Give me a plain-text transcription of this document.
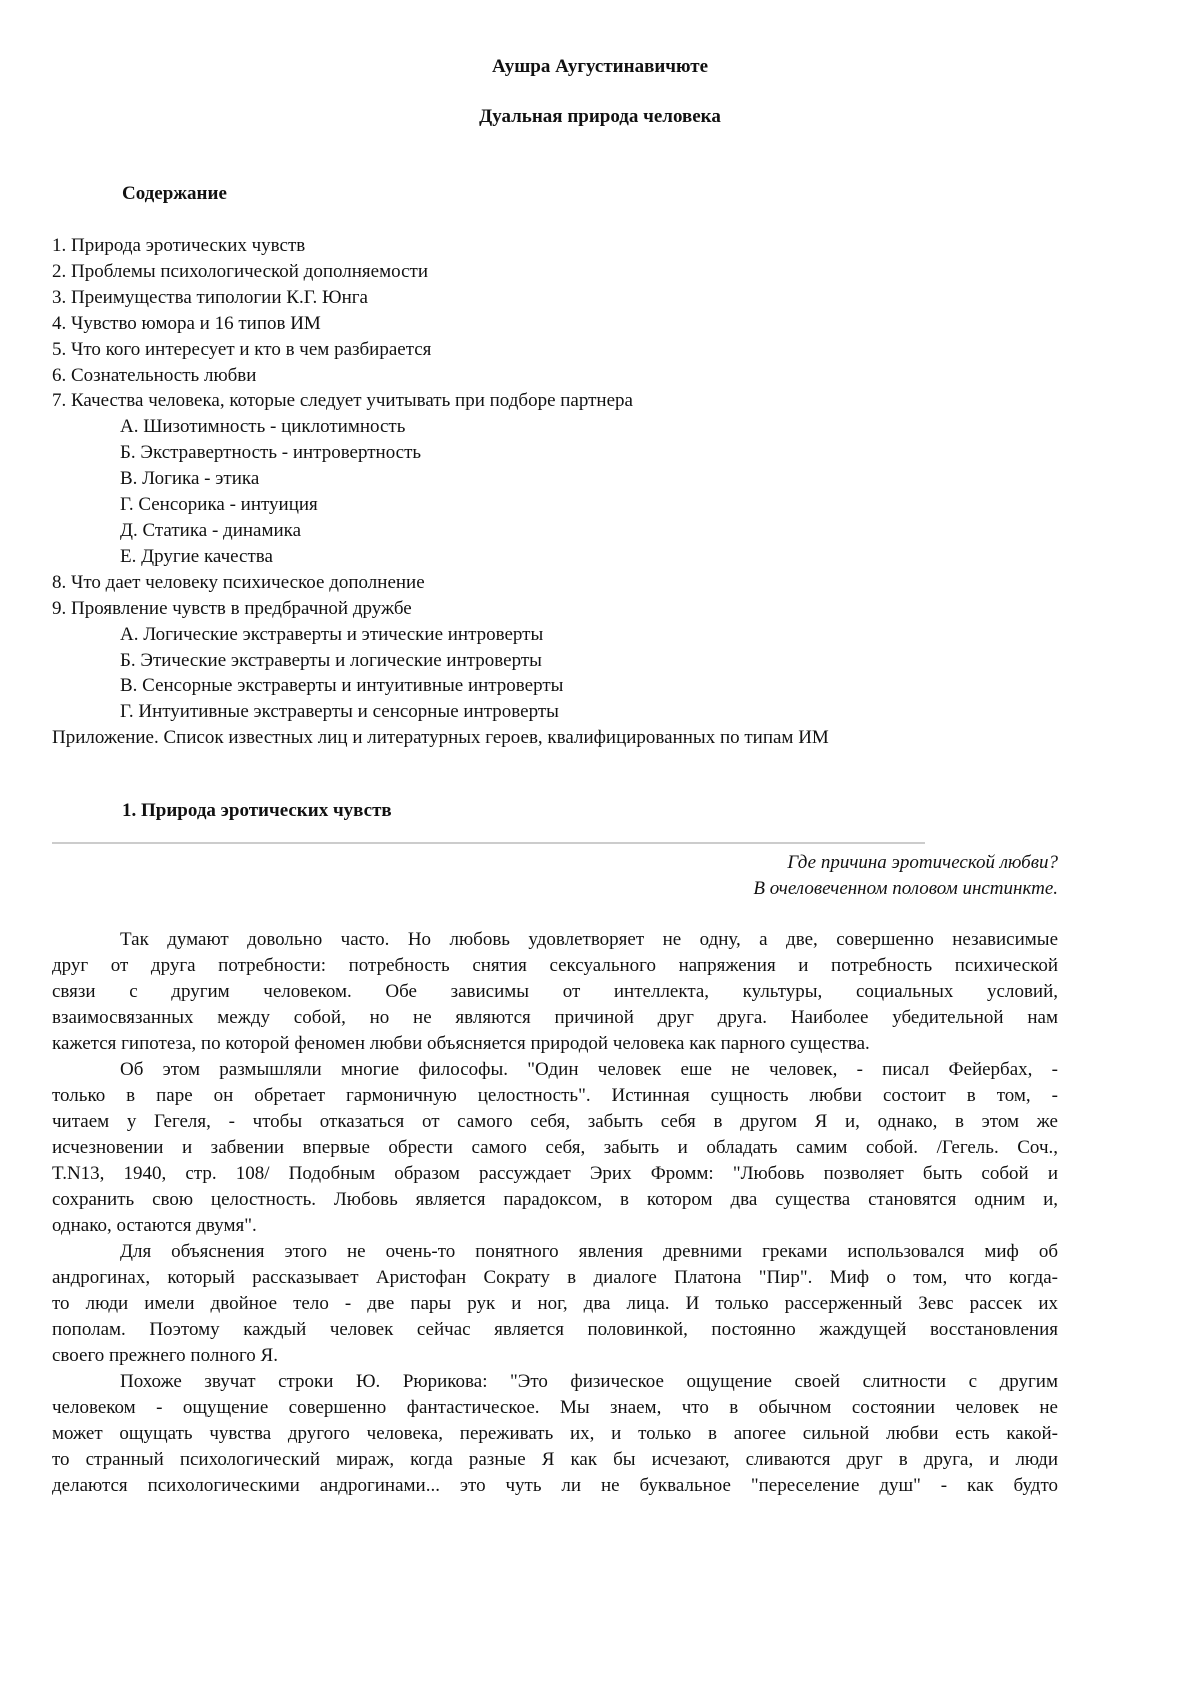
Аушра Аугустинавичюте
Дуальная природа человека
Содержание
1. Природа эротических чувств
2. Проблемы психологической дополняемости
3. Преимущества типологии К.Г. Юнга
4. Чувство юмора и 16 типов ИМ
5. Что кого интересует и кто в чем разбирается
6. Сознательность любви
7. Качества человека, которые следует учитывать при подборе партнера
А. Шизотимность - циклотимность
Б. Экстравертность - интровертность
В. Логика - этика
Г. Сенсорика - интуиция
Д. Статика - динамика
Е. Другие качества
8. Что дает человеку психическое дополнение
9. Проявление чувств в предбрачной дружбе
А. Логические экстраверты и этические интроверты
Б. Этические экстраверты и логические интроверты
В. Сенсорные экстраверты и интуитивные интроверты
Г. Интуитивные экстраверты и сенсорные интроверты
Приложение. Список известных лиц и литературных героев, квалифицированных по типам ИМ
1. Природа эротических чувств
Где причина эротической любви?
В очеловеченном половом инстинкте.
Так думают довольно часто. Но любовь удовлетворяет не одну, а две, совершенно независимые
друг от друга потребности: потребность снятия сексуального напряжения и потребность психической
связи с другим человеком. Обе зависимы от интеллекта, культуры, социальных условий,
взаимосвязанных между собой, но не являются причиной друг друга. Наиболее убедительной нам
кажется гипотеза, по которой феномен любви объясняется природой человека как парного существа.
Об этом размышляли многие философы. "Один человек еше не человек, - писал Фейербах, -
только в паре он обретает гармоничную целостность". Истинная сущность любви состоит в том, -
читаем у Гегеля, - чтобы отказаться от самого себя, забыть себя в другом Я и, однако, в этом же
исчезновении и забвении впервые обрести самого себя, забыть и обладать самим собой. /Гегель. Соч.,
T.N13, 1940, стр. 108/ Подобным образом рассуждает Эрих Фромм: "Любовь позволяет быть собой и
сохранить свою целостность. Любовь является парадоксом, в котором два существа становятся одним и,
однако, остаются двумя".
Для объяснения этого не очень-то понятного явления древними греками использовался миф об
андрогинах, который рассказывает Аристофан Сократу в диалоге Платона "Пир". Миф о том, что когда-
то люди имели двойное тело - две пары рук и ног, два лица. И только рассерженный Зевс рассек их
пополам. Поэтому каждый человек сейчас является половинкой, постоянно жаждущей восстановления
своего прежнего полного Я.
Похоже звучат строки Ю. Рюрикова: "Это физическое ощущение своей слитности с другим
человеком - ощущение совершенно фантастическое. Мы знаем, что в обычном состоянии человек не
может ощущать чувства другого человека, переживать их, и только в апогее сильной любви есть какой-
то странный психологический мираж, когда разные Я как бы исчезают, сливаются друг в друга, и люди
делаются психологическими андрогинами... это чуть ли не буквальное "переселение душ" - как будто
